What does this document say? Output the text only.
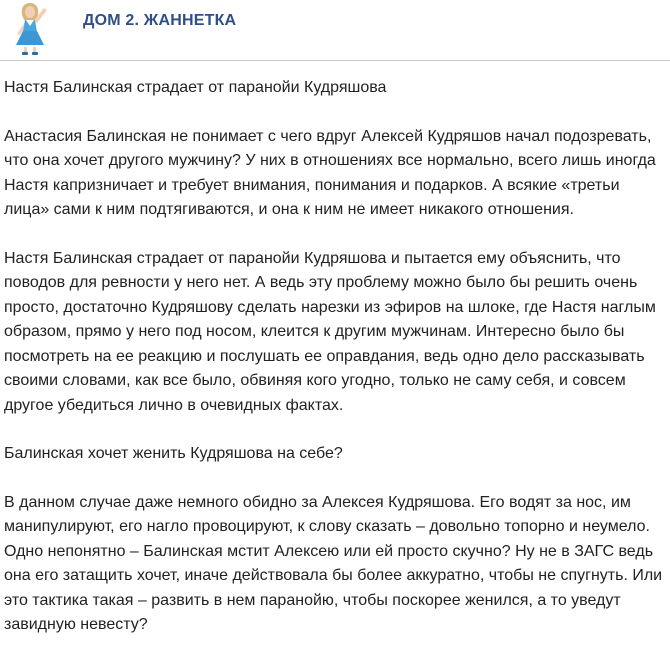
ДОМ 2. ЖАННЕТКА

Настя Балинская страдает от паранойи Кудряшова

Анастасия Балинская не понимает с чего вдруг Алексей Кудряшов начал подозревать, что она хочет другого мужчину? У них в отношениях все нормально, всего лишь иногда Настя капризничает и требует внимания, понимания и подарков. А всякие «третьи лица» сами к ним подтягиваются, и она к ним не имеет никакого отношения.

Настя Балинская страдает от паранойи Кудряшова и пытается ему объяснить, что поводов для ревности у него нет. А ведь эту проблему можно было бы решить очень просто, достаточно Кудряшову сделать нарезки из эфиров на шлоке, где Настя наглым образом, прямо у него под носом, клеится к другим мужчинам. Интересно было бы посмотреть на ее реакцию и послушать ее оправдания, ведь одно дело рассказывать своими словами, как все было, обвиняя кого угодно, только не саму себя, и совсем другое убедиться лично в очевидных фактах.

Балинская хочет женить Кудряшова на себе?

В данном случае даже немного обидно за Алексея Кудряшова. Его водят за нос, им манипулируют, его нагло провоцируют, к слову сказать – довольно топорно и неумело. Одно непонятно – Балинская мстит Алексею или ей просто скучно? Ну не в ЗАГС ведь она его затащить хочет, иначе действовала бы более аккуратно, чтобы не спугнуть. Или это тактика такая – развить в нем паранойю, чтобы поскорее женился, а то уведут завидную невесту?
